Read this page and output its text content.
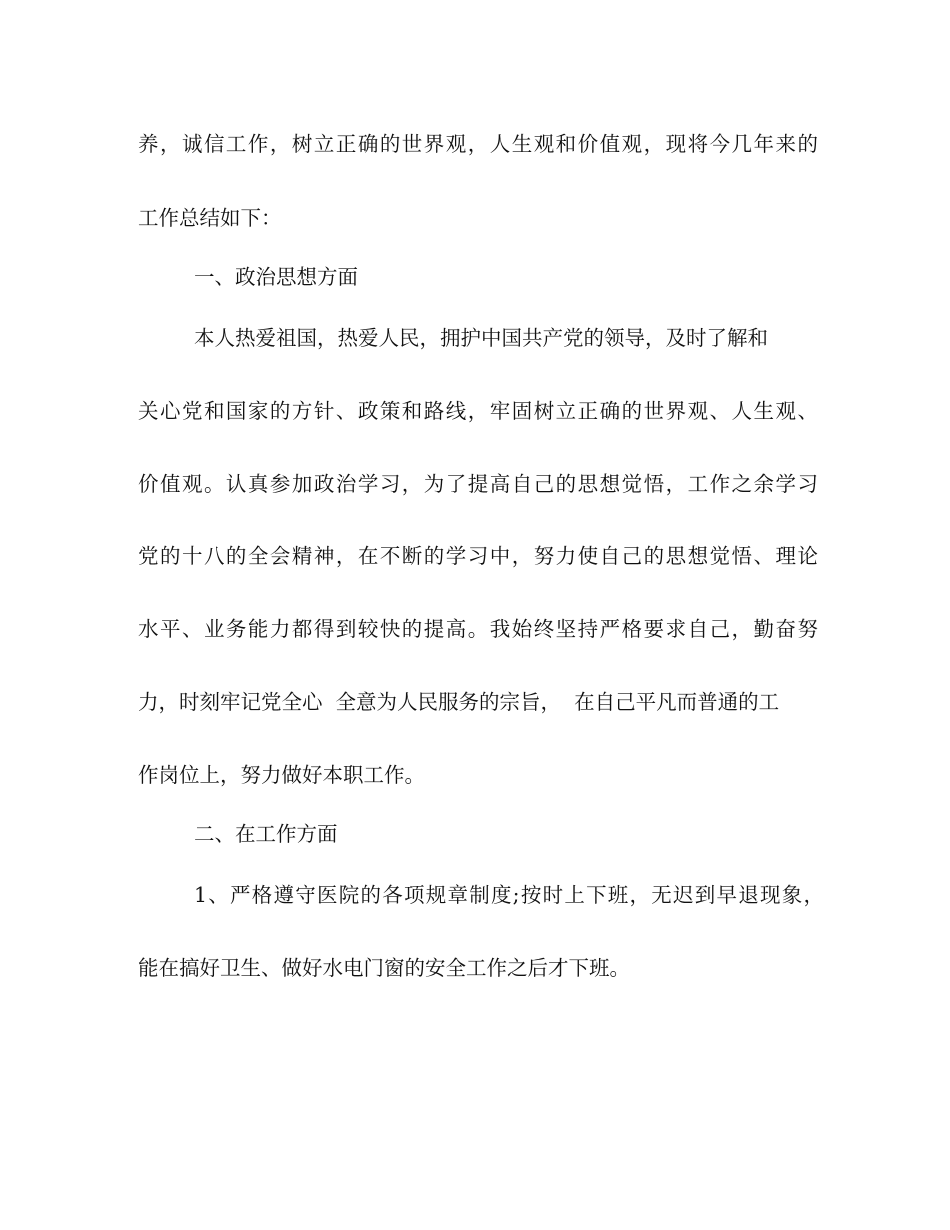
养，诚信工作，树立正确的世界观，人生观和价值观，现将今几年来的
工作总结如下：
一、政治思想方面
本人热爱祖国，热爱人民，拥护中国共产党的领导，及时了解和
关心党和国家的方针、政策和路线，牢固树立正确的世界观、人生观、
价值观。认真参加政治学习，为了提高自己的思想觉悟，工作之余学习
党的十八的全会精神，在不断的学习中，努力使自己的思想觉悟、理论
水平、业务能力都得到较快的提高。我始终坚持严格要求自己，勤奋努
力，时刻牢记党全心  全意为人民服务的宗旨，  在自己平凡而普通的工
作岗位上，努力做好本职工作。
二、在工作方面
1、严格遵守医院的各项规章制度;按时上下班，无迟到早退现象，
能在搞好卫生、做好水电门窗的安全工作之后才下班。
